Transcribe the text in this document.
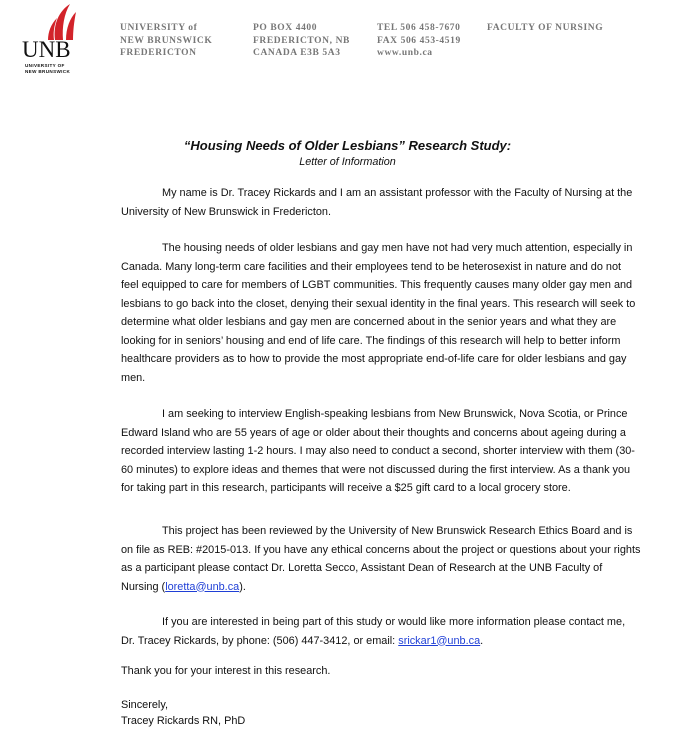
UNB
UNIVERSITY OF
NEW BRUNSWICK
UNIVERSITY of
NEW BRUNSWICK
FREDERICTON
PO BOX 4400
FREDERICTON, NB
CANADA E3B 5A3
TEL 506 458-7670
FAX 506 453-4519
www.unb.ca
FACULTY OF NURSING
“Housing Needs of Older Lesbians” Research Study:
Letter of Information
My name is Dr. Tracey Rickards and I am an assistant professor with the Faculty of Nursing at the University of New Brunswick in Fredericton.
The housing needs of older lesbians and gay men have not had very much attention, especially in Canada. Many long-term care facilities and their employees tend to be heterosexist in nature and do not feel equipped to care for members of LGBT communities. This frequently causes many older gay men and lesbians to go back into the closet, denying their sexual identity in the final years. This research will seek to determine what older lesbians and gay men are concerned about in the senior years and what they are looking for in seniors’ housing and end of life care. The findings of this research will help to better inform healthcare providers as to how to provide the most appropriate end-of-life care for older lesbians and gay men.
I am seeking to interview English-speaking lesbians from New Brunswick, Nova Scotia, or Prince Edward Island who are 55 years of age or older about their thoughts and concerns about ageing during a recorded interview lasting 1-2 hours. I may also need to conduct a second, shorter interview with them (30-60 minutes) to explore ideas and themes that were not discussed during the first interview. As a thank you for taking part in this research, participants will receive a $25 gift card to a local grocery store.
This project has been reviewed by the University of New Brunswick Research Ethics Board and is on file as REB: #2015-013. If you have any ethical concerns about the project or questions about your rights as a participant please contact Dr. Loretta Secco, Assistant Dean of Research at the UNB Faculty of Nursing (loretta@unb.ca).
If you are interested in being part of this study or would like more information please contact me, Dr. Tracey Rickards, by phone: (506) 447-3412, or email: srickar1@unb.ca.
Thank you for your interest in this research.
Sincerely,
Tracey Rickards RN, PhD
